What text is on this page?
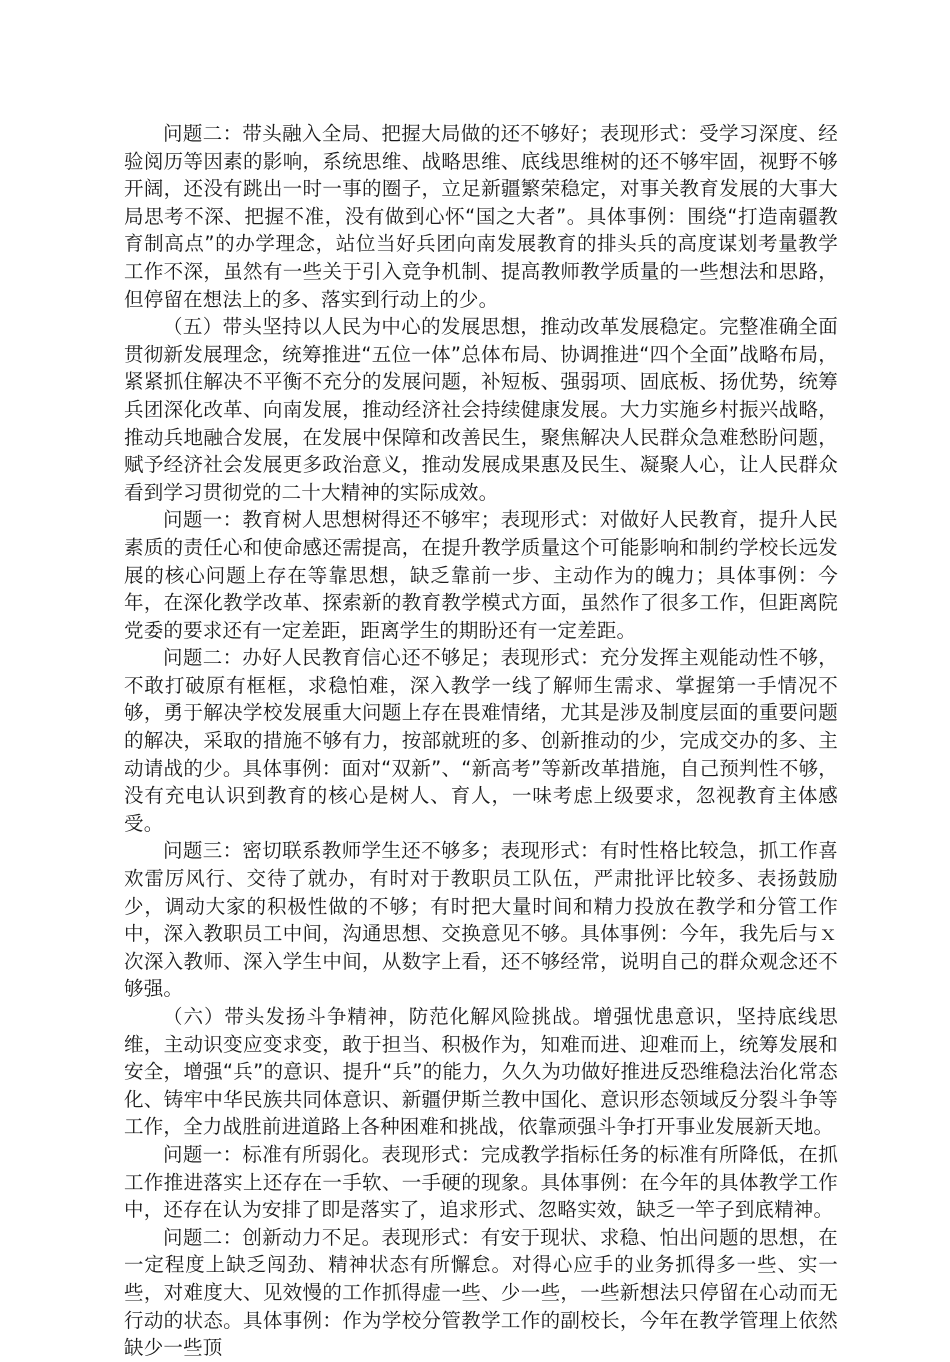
问题二：带头融入全局、把握大局做的还不够好；表现形式：受学习深度、经验阅历等因素的影响，系统思维、战略思维、底线思维树的还不够牢固，视野不够开阔，还没有跳出一时一事的圈子，立足新疆繁荣稳定，对事关教育发展的大事大局思考不深、把握不准，没有做到心怀“国之大者”。具体事例：围绕“打造南疆教育制高点”的办学理念，站位当好兵团向南发展教育的排头兵的高度谋划考量教学工作不深，虽然有一些关于引入竞争机制、提高教师教学质量的一些想法和思路，但停留在想法上的多、落实到行动上的少。

（五）带头坚持以人民为中心的发展思想，推动改革发展稳定。完整准确全面贯彻新发展理念，统筹推进“五位一体”总体布局、协调推进“四个全面”战略布局，紧紧抓住解决不平衡不充分的发展问题，补短板、强弱项、固底板、扬优势，统筹兵团深化改革、向南发展，推动经济社会持续健康发展。大力实施乡村振兴战略，推动兵地融合发展，在发展中保障和改善民生，聚焦解决人民群众急难愁盼问题，赋予经济社会发展更多政治意义，推动发展成果惠及民生、凝聚人心，让人民群众看到学习贯彻党的二十大精神的实际成效。

问题一：教育树人思想树得还不够牢；表现形式：对做好人民教育，提升人民素质的责任心和使命感还需提高，在提升教学质量这个可能影响和制约学校长远发展的核心问题上存在等靠思想，缺乏靠前一步、主动作为的魄力；具体事例：今年，在深化教学改革、探索新的教育教学模式方面，虽然作了很多工作，但距离院党委的要求还有一定差距，距离学生的期盼还有一定差距。

问题二：办好人民教育信心还不够足；表现形式：充分发挥主观能动性不够，不敢打破原有框框，求稳怕难，深入教学一线了解师生需求、掌握第一手情况不够，勇于解决学校发展重大问题上存在畏难情绪，尤其是涉及制度层面的重要问题的解决，采取的措施不够有力，按部就班的多、创新推动的少，完成交办的多、主动请战的少。具体事例：面对“双新”、“新高考”等新改革措施，自己预判性不够，没有充电认识到教育的核心是树人、育人，一味考虑上级要求，忽视教育主体感受。

问题三：密切联系教师学生还不够多；表现形式：有时性格比较急，抓工作喜欢雷厉风行、交待了就办，有时对于教职员工队伍，严肃批评比较多、表扬鼓励少，调动大家的积极性做的不够；有时把大量时间和精力投放在教学和分管工作中，深入教职员工中间，沟通思想、交换意见不够。具体事例：今年，我先后与ｘ次深入教师、深入学生中间，从数字上看，还不够经常，说明自己的群众观念还不够强。

（六）带头发扬斗争精神，防范化解风险挑战。增强忧患意识，坚持底线思维，主动识变应变求变，敢于担当、积极作为，知难而进、迎难而上，统筹发展和安全，增强“兵”的意识、提升“兵”的能力，久久为功做好推进反恐维稳法治化常态化、铸牢中华民族共同体意识、新疆伊斯兰教中国化、意识形态领域反分裂斗争等工作，全力战胜前进道路上各种困难和挑战，依靠顽强斗争打开事业发展新天地。

问题一：标准有所弱化。表现形式：完成教学指标任务的标准有所降低，在抓工作推进落实上还存在一手软、一手硬的现象。具体事例：在今年的具体教学工作中，还存在认为安排了即是落实了，追求形式、忽略实效，缺乏一竿子到底精神。

问题二：创新动力不足。表现形式：有安于现状、求稳、怕出问题的思想，在一定程度上缺乏闯劲、精神状态有所懈怠。对得心应手的业务抓得多一些、实一些，对难度大、见效慢的工作抓得虚一些、少一些，一些新想法只停留在心动而无行动的状态。具体事例：作为学校分管教学工作的副校长，今年在教学管理上依然缺少一些顶
